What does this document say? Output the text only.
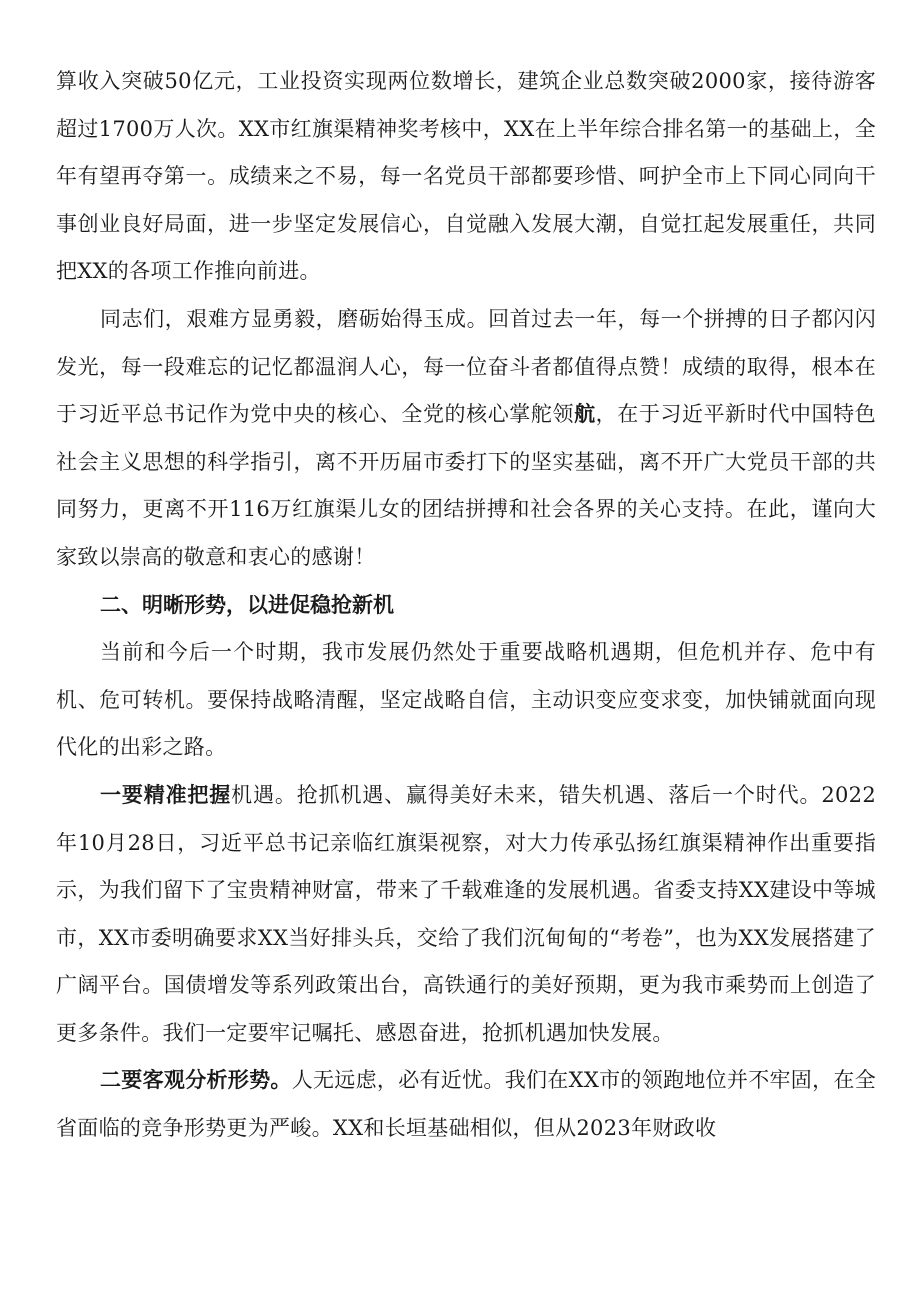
算收入突破50亿元，工业投资实现两位数增长，建筑企业总数突破2000家，接待游客超过1700万人次。XX市红旗渠精神奖考核中，XX在上半年综合排名第一的基础上，全年有望再夺第一。成绩来之不易，每一名党员干部都要珍惜、呵护全市上下同心同向干事创业良好局面，进一步坚定发展信心，自觉融入发展大潮，自觉扛起发展重任，共同把XX的各项工作推向前进。

同志们，艰难方显勇毅，磨砺始得玉成。回首过去一年，每一个拼搏的日子都闪闪发光，每一段难忘的记忆都温润人心，每一位奋斗者都值得点赞！成绩的取得，根本在于习近平总书记作为党中央的核心、全党的核心掌舵领航，在于习近平新时代中国特色社会主义思想的科学指引，离不开历届市委打下的坚实基础，离不开广大党员干部的共同努力，更离不开116万红旗渠儿女的团结拼搏和社会各界的关心支持。在此，谨向大家致以崇高的敬意和衷心的感谢！

二、明晰形势，以进促稳抢新机

当前和今后一个时期，我市发展仍然处于重要战略机遇期，但危机并存、危中有机、危可转机。要保持战略清醒，坚定战略自信，主动识变应变求变，加快铺就面向现代化的出彩之路。

一要精准把握机遇。抢抓机遇、赢得美好未来，错失机遇、落后一个时代。2022年10月28日，习近平总书记亲临红旗渠视察，对大力传承弘扬红旗渠精神作出重要指示，为我们留下了宝贵精神财富，带来了千载难逢的发展机遇。省委支持XX建设中等城市，XX市委明确要求XX当好排头兵，交给了我们沉甸甸的“考卷”，也为XX发展搭建了广阔平台。国债增发等系列政策出台，高铁通行的美好预期，更为我市乘势而上创造了更多条件。我们一定要牢记嘱托、感恩奋进，抢抓机遇加快发展。

二要客观分析形势。人无远虑，必有近忧。我们在XX市的领跑地位并不牢固，在全省面临的竞争形势更为严峻。XX和长垣基础相似，但从2023年财政收
